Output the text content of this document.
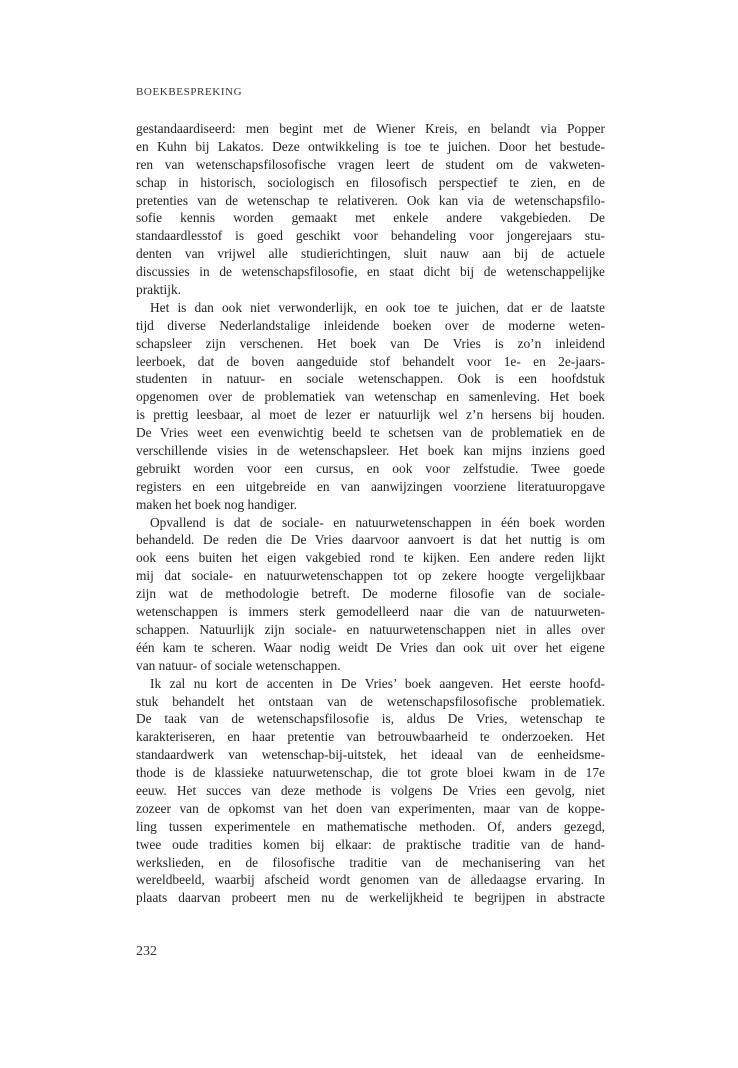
BOEKBESPREKING
gestandaardiseerd: men begint met de Wiener Kreis, en belandt via Popper
en Kuhn bij Lakatos. Deze ontwikkeling is toe te juichen. Door het bestude-
ren van wetenschapsfilosofische vragen leert de student om de vakweten-
schap in historisch, sociologisch en filosofisch perspectief te zien, en de
pretenties van de wetenschap te relativeren. Ook kan via de wetenschapsfilo-
sofie kennis worden gemaakt met enkele andere vakgebieden. De
standaardlesstof is goed geschikt voor behandeling voor jongerejaars stu-
denten van vrijwel alle studierichtingen, sluit nauw aan bij de actuele
discussies in de wetenschapsfilosofie, en staat dicht bij de wetenschappelijke
praktijk.
Het is dan ook niet verwonderlijk, en ook toe te juichen, dat er de laatste
tijd diverse Nederlandstalige inleidende boeken over de moderne weten-
schapsleer zijn verschenen. Het boek van De Vries is zo’n inleidend
leerboek, dat de boven aangeduide stof behandelt voor 1e- en 2e-jaars-
studenten in natuur- en sociale wetenschappen. Ook is een hoofdstuk
opgenomen over de problematiek van wetenschap en samenleving. Het boek
is prettig leesbaar, al moet de lezer er natuurlijk wel z’n hersens bij houden.
De Vries weet een evenwichtig beeld te schetsen van de problematiek en de
verschillende visies in de wetenschapsleer. Het boek kan mijns inziens goed
gebruikt worden voor een cursus, en ook voor zelfstudie. Twee goede
registers en een uitgebreide en van aanwijzingen voorziene literatuuropgave
maken het boek nog handiger.
Opvallend is dat de sociale- en natuurwetenschappen in één boek worden
behandeld. De reden die De Vries daarvoor aanvoert is dat het nuttig is om
ook eens buiten het eigen vakgebied rond te kijken. Een andere reden lijkt
mij dat sociale- en natuurwetenschappen tot op zekere hoogte vergelijkbaar
zijn wat de methodologie betreft. De moderne filosofie van de sociale-
wetenschappen is immers sterk gemodelleerd naar die van de natuurweten-
schappen. Natuurlijk zijn sociale- en natuurwetenschappen niet in alles over
één kam te scheren. Waar nodig weidt De Vries dan ook uit over het eigene
van natuur- of sociale wetenschappen.
Ik zal nu kort de accenten in De Vries’ boek aangeven. Het eerste hoofd-
stuk behandelt het ontstaan van de wetenschapsfilosofische problematiek.
De taak van de wetenschapsfilosofie is, aldus De Vries, wetenschap te
karakteriseren, en haar pretentie van betrouwbaarheid te onderzoeken. Het
standaardwerk van wetenschap-bij-uitstek, het ideaal van de eenheidsme-
thode is de klassieke natuurwetenschap, die tot grote bloei kwam in de 17e
eeuw. Het succes van deze methode is volgens De Vries een gevolg, niet
zozeer van de opkomst van het doen van experimenten, maar van de koppe-
ling tussen experimentele en mathematische methoden. Of, anders gezegd,
twee oude tradities komen bij elkaar: de praktische traditie van de hand-
werkslieden, en de filosofische traditie van de mechanisering van het
wereldbeeld, waarbij afscheid wordt genomen van de alledaagse ervaring. In
plaats daarvan probeert men nu de werkelijkheid te begrijpen in abstracte
232
